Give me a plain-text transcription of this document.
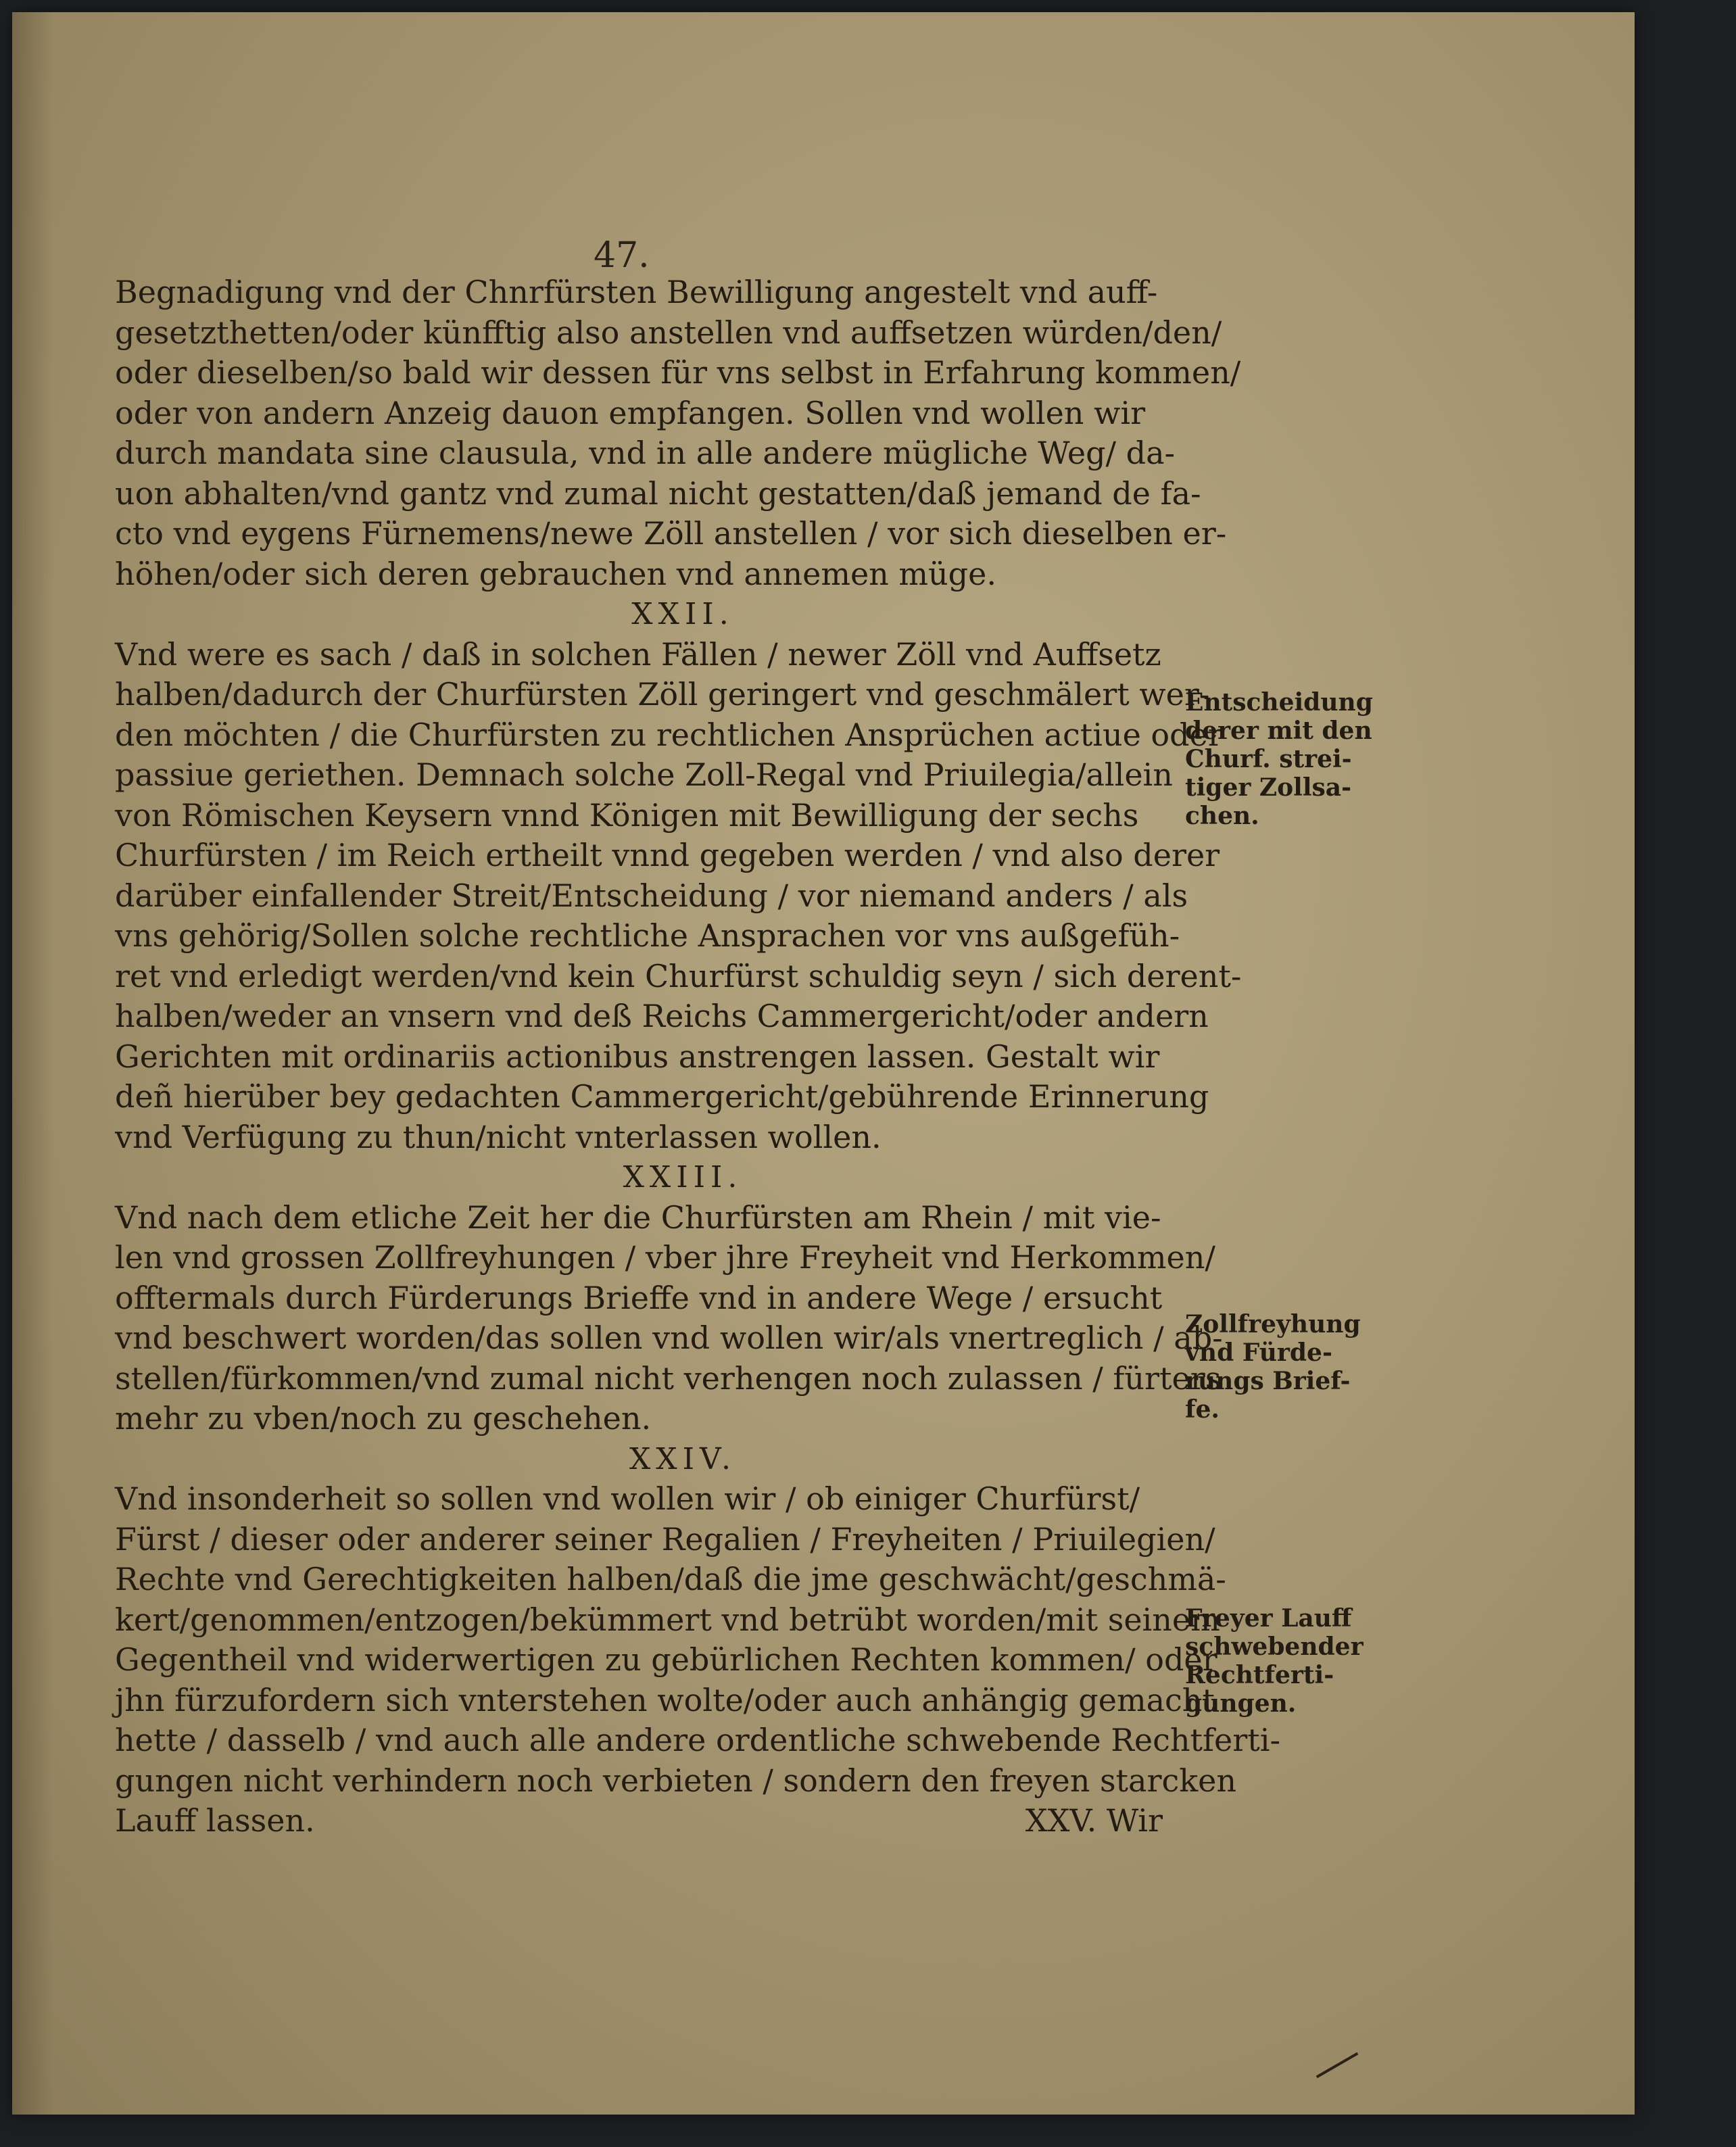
47.

Begnadigung vnd der Chnrfürsten Bewilligung angestelt vnd auff-
gesetzthetten/oder künfftig also anstellen vnd auffsetzen würden/den/
oder dieselben/so bald wir dessen für vns selbst in Erfahrung kommen/
oder von andern Anzeig dauon empfangen. Sollen vnd wollen wir
durch mandata sine clausula, vnd in alle andere mügliche Weg/ da-
uon abhalten/vnd gantz vnd zumal nicht gestatten/daß jemand de fa-
cto vnd eygens Fürnemens/newe Zöll anstellen / vor sich dieselben er-
höhen/oder sich deren gebrauchen vnd annemen müge.

XXII.

Vnd were es sach / daß in solchen Fällen / newer Zöll vnd Auffsetz
halben/dadurch der Churfürsten Zöll geringert vnd geschmälert wer-
den möchten / die Churfürsten zu rechtlichen Ansprüchen actiue oder
passiue geriethen. Demnach solche Zoll-Regal vnd Priuilegia/allein
von Römischen Keysern vnnd Königen mit Bewilligung der sechs
Churfürsten / im Reich ertheilt vnnd gegeben werden / vnd also derer
darüber einfallender Streit/Entscheidung / vor niemand anders / als
vns gehörig/Sollen solche rechtliche Ansprachen vor vns außgefüh-
ret vnd erledigt werden/vnd kein Churfürst schuldig seyn / sich derent-
halben/weder an vnsern vnd deß Reichs Cammergericht/oder andern
Gerichten mit ordinariis actionibus anstrengen lassen. Gestalt wir
deñ hierüber bey gedachten Cammergericht/gebührende Erinnerung
vnd Verfügung zu thun/nicht vnterlassen wollen.

XXIII.

Vnd nach dem etliche Zeit her die Churfürsten am Rhein / mit vie-
len vnd grossen Zollfreyhungen / vber jhre Freyheit vnd Herkommen/
offtermals durch Fürderungs Brieffe vnd in andere Wege / ersucht
vnd beschwert worden/das sollen vnd wollen wir/als vnertreglich / ab-
stellen/fürkommen/vnd zumal nicht verhengen noch zulassen / fürters
mehr zu vben/noch zu geschehen.

XXIV.

Vnd insonderheit so sollen vnd wollen wir / ob einiger Churfürst/
Fürst / dieser oder anderer seiner Regalien / Freyheiten / Priuilegien/
Rechte vnd Gerechtigkeiten halben/daß die jme geschwächt/geschmä-
kert/genommen/entzogen/bekümmert vnd betrübt worden/mit seinem
Gegentheil vnd widerwertigen zu gebürlichen Rechten kommen/ oder
jhn fürzufordern sich vnterstehen wolte/oder auch anhängig gemacht
hette / dasselb / vnd auch alle andere ordentliche schwebende Rechtferti-
gungen nicht verhindern noch verbieten / sondern den freyen starcken
Lauff lassen.	XXV. Wir

Entscheidung
derer mit den
Churf. strei-
tiger Zollsa-
chen.
Zollfreyhung
vnd Fürde-
rungs Brief-
fe.
Freyer Lauff
schwebender
Rechtferti-
gungen.
